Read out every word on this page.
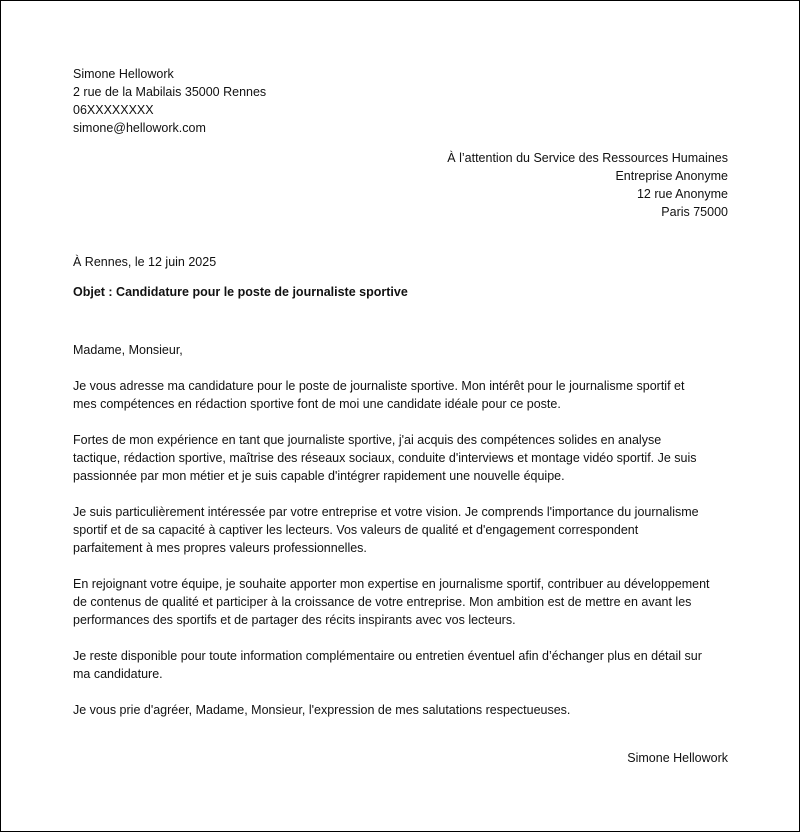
Simone Hellowork
2 rue de la Mabilais 35000 Rennes
06XXXXXXXX
simone@hellowork.com
À l’attention du Service des Ressources Humaines
Entreprise Anonyme
12 rue Anonyme
Paris 75000
À Rennes, le 12 juin 2025
Objet : Candidature pour le poste de journaliste sportive

Madame, Monsieur,

Je vous adresse ma candidature pour le poste de journaliste sportive. Mon intérêt pour le journalisme sportif et
mes compétences en rédaction sportive font de moi une candidate idéale pour ce poste.

Fortes de mon expérience en tant que journaliste sportive, j'ai acquis des compétences solides en analyse
tactique, rédaction sportive, maîtrise des réseaux sociaux, conduite d'interviews et montage vidéo sportif. Je suis
passionnée par mon métier et je suis capable d'intégrer rapidement une nouvelle équipe.

Je suis particulièrement intéressée par votre entreprise et votre vision. Je comprends l'importance du journalisme
sportif et de sa capacité à captiver les lecteurs. Vos valeurs de qualité et d'engagement correspondent
parfaitement à mes propres valeurs professionnelles.

En rejoignant votre équipe, je souhaite apporter mon expertise en journalisme sportif, contribuer au développement
de contenus de qualité et participer à la croissance de votre entreprise. Mon ambition est de mettre en avant les
performances des sportifs et de partager des récits inspirants avec vos lecteurs.

Je reste disponible pour toute information complémentaire ou entretien éventuel afin d’échanger plus en détail sur
ma candidature.

Je vous prie d'agréer, Madame, Monsieur, l'expression de mes salutations respectueuses.

Simone Hellowork
